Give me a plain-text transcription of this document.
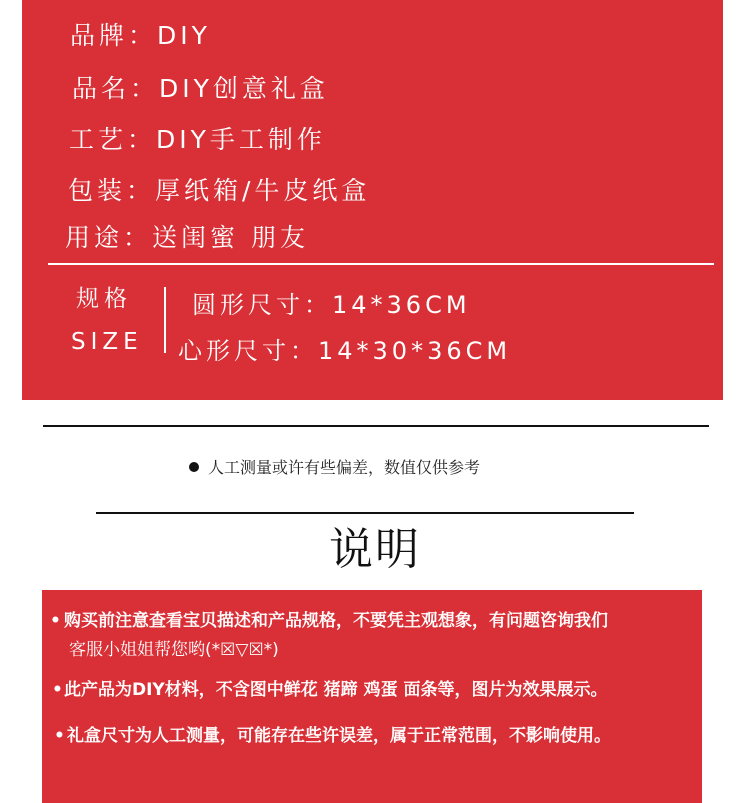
品牌：DIY
品名：DIY创意礼盒
工艺：DIY手工制作
包装：厚纸箱/牛皮纸盒
用途：送闺蜜 朋友
规格
SIZE
圆形尺寸：14*36CM
心形尺寸：14*30*36CM
人工测量或许有些偏差，数值仅供参考
说明
• 购买前注意查看宝贝描述和产品规格，不要凭主观想象，有问题咨询我们
客服小姐姐帮您哟(*☒▽☒*)
•此产品为DIY材料，不含图中鲜花 猪蹄 鸡蛋 面条等，图片为效果展示。
• 礼盒尺寸为人工测量，可能存在些许误差，属于正常范围，不影响使用。
